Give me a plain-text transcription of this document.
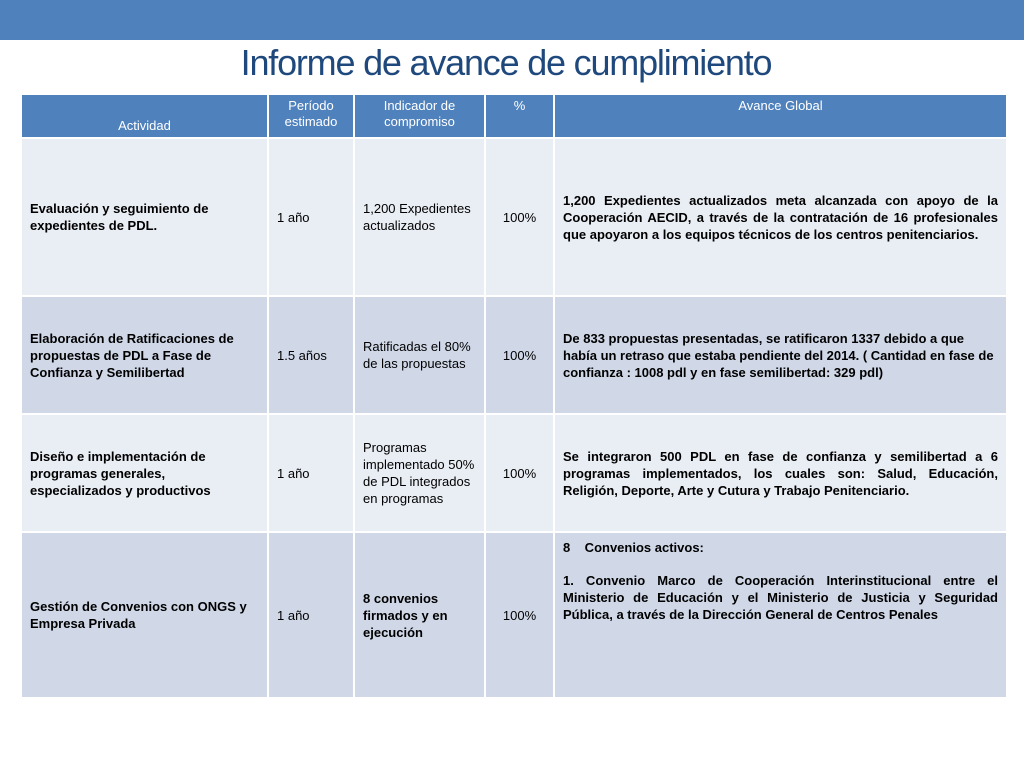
Informe de avance de cumplimiento
Actividad	Período estimado	Indicador de compromiso	%	Avance Global
Evaluación y seguimiento de expedientes de PDL.	1 año	1,200 Expedientes actualizados	100%	1,200 Expedientes actualizados meta alcanzada con apoyo de la Cooperación AECID, a través de la contratación de 16 profesionales que apoyaron a los equipos técnicos de los centros penitenciarios.
Elaboración de Ratificaciones de propuestas de PDL a Fase de Confianza y Semilibertad	1.5 años	Ratificadas el 80% de las propuestas	100%	De 833 propuestas presentadas, se ratificaron 1337 debido a que había un retraso que estaba pendiente del 2014. ( Cantidad en fase de confianza : 1008 pdl y en fase semilibertad: 329 pdl)
Diseño e implementación de programas generales, especializados y productivos	1 año	Programas implementado 50% de PDL integrados en programas	100%	Se integraron 500 PDL en fase de confianza y semilibertad a 6 programas implementados, los cuales son: Salud, Educación, Religión, Deporte, Arte y Cutura y Trabajo Penitenciario.
Gestión de Convenios con ONGS y Empresa Privada	1 año	8 convenios firmados y en ejecución	100%	8    Convenios activos:
1. Convenio Marco de Cooperación Interinstitucional entre el Ministerio de Educación y el Ministerio de Justicia y Seguridad Pública, a través de la Dirección General de Centros Penales
